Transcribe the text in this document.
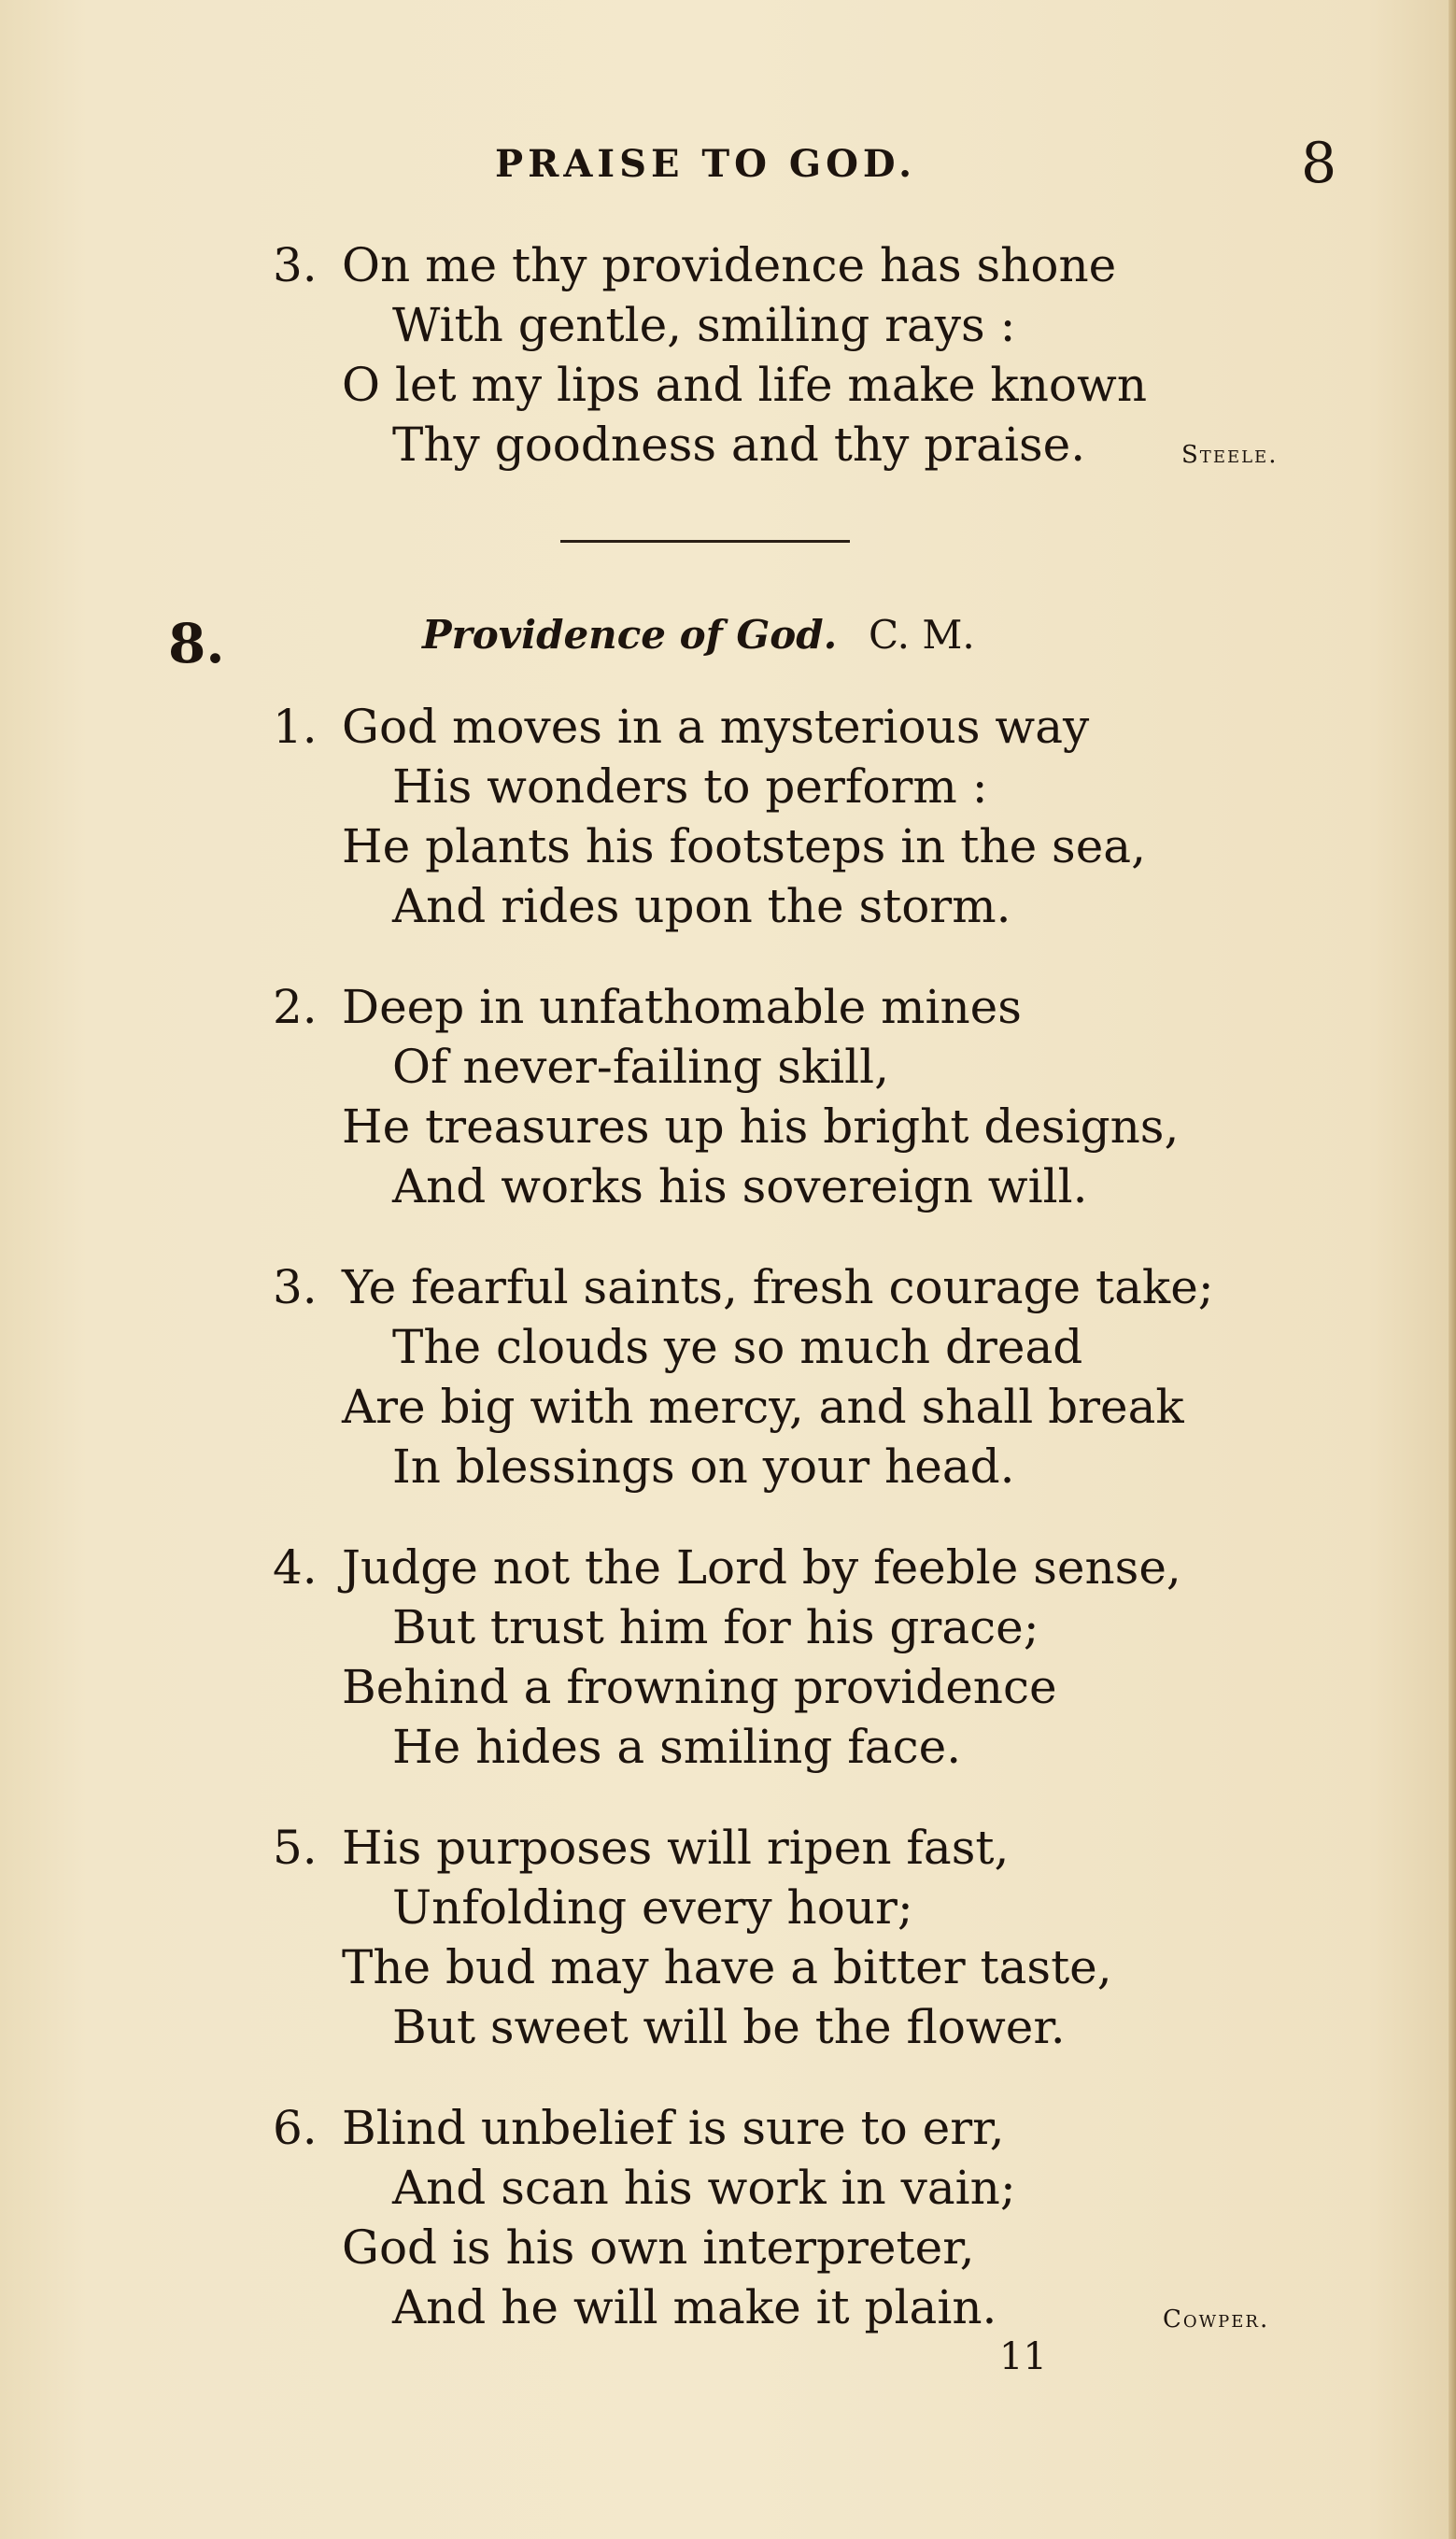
PRAISE TO GOD.	8
3. On me thy providence has shone
With gentle, smiling rays :
O let my lips and life make known
Thy goodness and thy praise.	Steele.
8.	Providence of God. C. M.
1. God moves in a mysterious way
His wonders to perform :
He plants his footsteps in the sea,
And rides upon the storm.
2. Deep in unfathomable mines
Of never-failing skill,
He treasures up his bright designs,
And works his sovereign will.
3. Ye fearful saints, fresh courage take;
The clouds ye so much dread
Are big with mercy, and shall break
In blessings on your head.
4. Judge not the Lord by feeble sense,
But trust him for his grace;
Behind a frowning providence
He hides a smiling face.
5. His purposes will ripen fast,
Unfolding every hour;
The bud may have a bitter taste,
But sweet will be the flower.
6. Blind unbelief is sure to err,
And scan his work in vain;
God is his own interpreter,
And he will make it plain.	Cowper.
11
